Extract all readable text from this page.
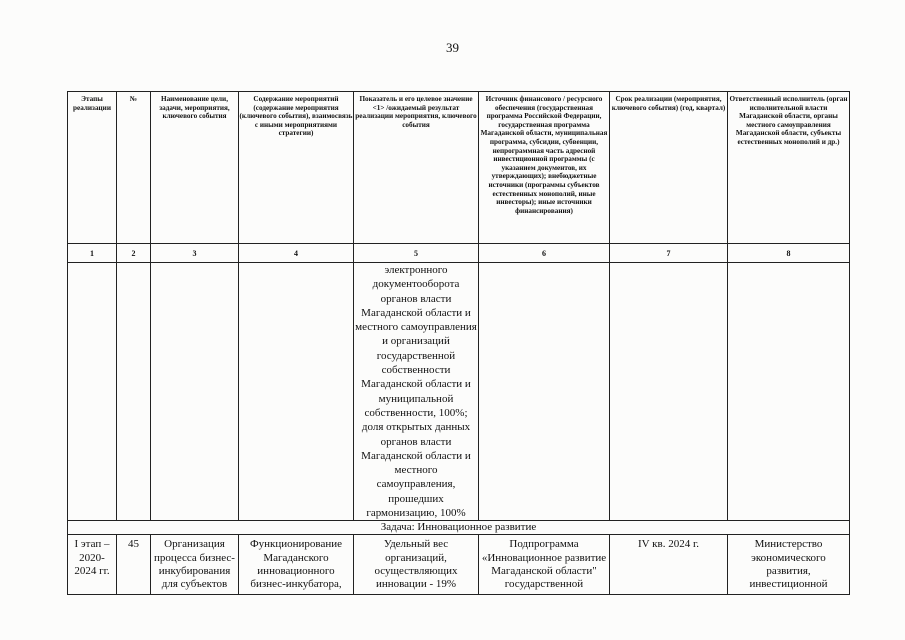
39
Этапы реализации	№	Наименование цели, задачи, мероприятия, ключевого события	Содержание мероприятий (содержание мероприятия (ключевого события), взаимосвязь с иными мероприятиями стратегии)	Показатель и его целевое значение <1> /ожидаемый результат реализации мероприятия, ключевого события	Источник финансового / ресурсного обеспечения (государственная программа Российской Федерации, государственная программа Магаданской области, муниципальная программа, субсидии, субвенции, непрограммная часть адресной инвестиционной программы (с указанием документов, их утверждающих); внебюджетные источники (программы субъектов естественных монополий, иные инвесторы); иные источники финансирования)	Срок реализации (мероприятия, ключевого события) (год, квартал)	Ответственный исполнитель (орган исполнительной власти Магаданской области, органы местного самоуправления Магаданской области, субъекты естественных монополий и др.)
1	2	3	4	5	6	7	8
				электронного документооборота органов власти Магаданской области и местного самоуправления и организаций государственной собственности Магаданской области и муниципальной собственности, 100%; доля открытых данных органов власти Магаданской области и местного самоуправления, прошедших гармонизацию, 100%			
Задача: Инновационное развитие							
I этап – 2020-2024 гг.	45	Организация процесса бизнес-инкубирования для субъектов	Функционирование Магаданского инновационного бизнес-инкубатора,	Удельный вес организаций, осуществляющих инновации - 19%	Подпрограмма «Инновационное развитие Магаданской области" государственной	IV кв. 2024 г.	Министерство экономического развития, инвестиционной
